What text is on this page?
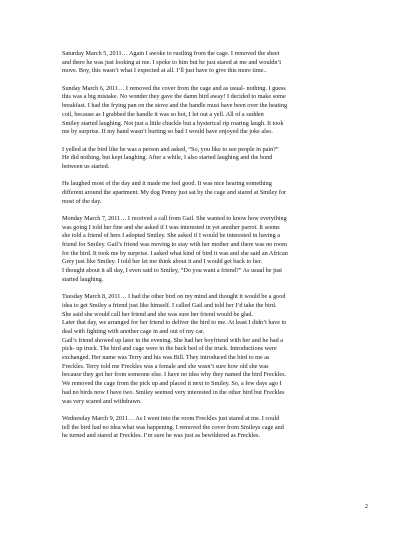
Saturday March 5, 2011… Again I awoke to rustling from the cage. I removed the sheet
and there he was just looking at me. I spoke to him but he just stared at me and wouldn’t
move. Boy, this wasn’t what I expected at all. I’ll just have to give this more time..

Sunday March 6, 2011… I removed the cover from the cage and as usual- nothing. I guess
this was a big mistake. No wonder they gave the damn bird away! I decided to make some
breakfast. I had the frying pan on the stove and the handle must have been over the heating
coil, because as I grabbed the handle it was so hot, I let out a yell. All of a sudden
Smiley started laughing. Not just a little chuckle but a hysterical rip roaring laugh. It took
me by surprise. If my hand wasn’t hurting so bad I would have enjoyed the joke also.

I yelled at the bird like he was a person and asked, “So, you like to see people in pain?”
He did nothing, but kept laughing. After a while, I also started laughing and the bond
between us started.

He laughed most of the day and it made me feel good. It was nice hearing something
different around the apartment. My dog Penny just sat by the cage and stared at Smiley for
most of the day.

Monday March 7, 2011… I received a call from Gail. She wanted to know how everything
was going I told her fine and she asked if I was interested in yet another parrot. It seems
she told a friend of hers I adopted Smiley. She asked if I would be interested in having a
friend for Smiley. Gail’s friend was moving to stay with her mother and there was no room
for the bird. It took me by surprise. I asked what kind of bird it was and she said an African
Grey just like Smiley. I told her let me think about it and I would get back to her.
I thought about it all day, I even said to Smiley, “Do you want a friend?” As usual he just
started laughing.

Tuesday March 8, 2011… I had the other bird on my mind and thought it would be a good
idea to get Smiley a friend just like himself. I called Gail and told her I’d take the bird.
She said she would call her friend and she was sure her friend would be glad.
Later that day, we arranged for her friend to deliver the bird to me. At least I didn’t have to
deal with fighting with another cage in and out of my car.
Gail’s friend showed up later in the evening. She had her boyfriend with her and he had a
pick- up truck. The bird and cage were in the back bed of the truck. Introductions were
exchanged. Her name was Terry and his was Bill. They introduced the bird to me as
Freckles. Terry told me Freckles was a female and she wasn’t sure how old she was
because they got her from someone else. I have no idea why they named the bird Freckles.
We removed the cage from the pick up and placed it next to Smiley. So, a few days ago I
had no birds now I have two. Smiley seemed very interested in the other bird but Freckles
was very scared and withdrawn.

Wednesday March 9, 2011… As I went into the room Freckles just stared at me. I could
tell the bird had no idea what was happening. I removed the cover from Smileys cage and
he turned and stared at Freckles. I’m sure he was just as bewildered as Freckles.

2
